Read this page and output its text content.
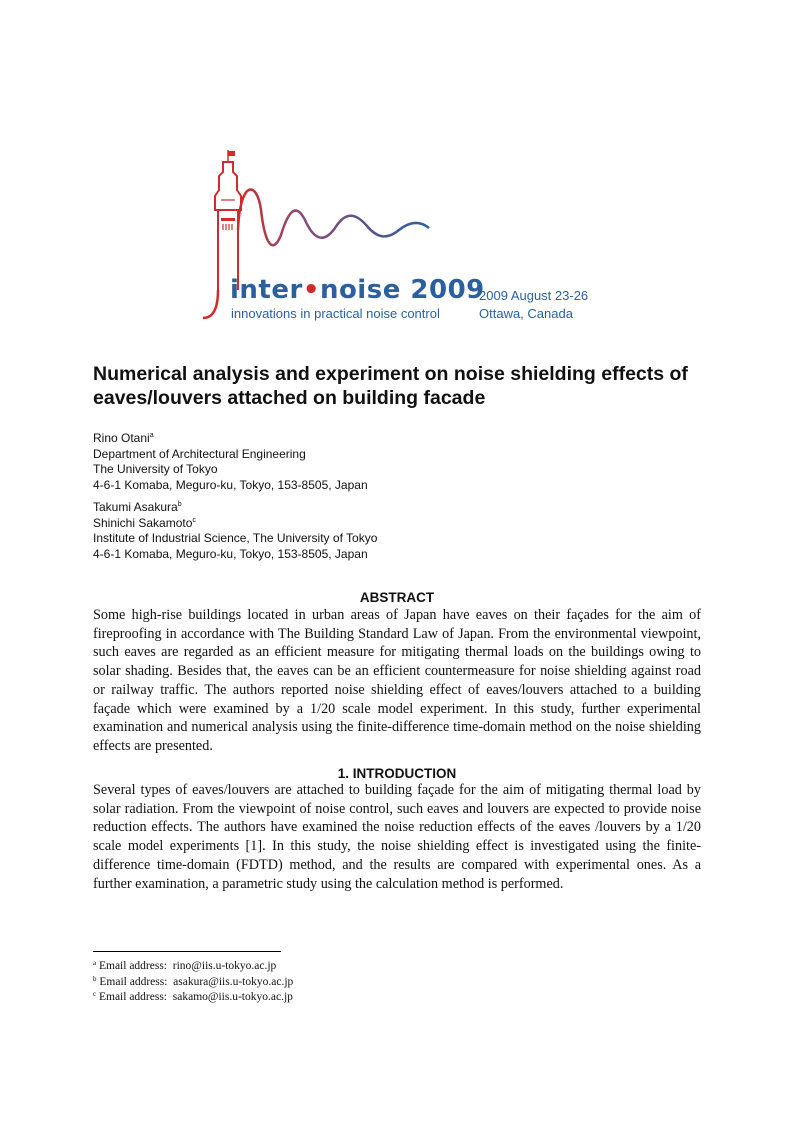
inter•noise 2009
innovations in practical noise control
2009 August 23-26
Ottawa, Canada
Numerical analysis and experiment on noise shielding effects of eaves/louvers attached on building facade
Rino Otani$^a$
Department of Architectural Engineering
The University of Tokyo
4-6-1 Komaba, Meguro-ku, Tokyo, 153-8505, Japan
Takumi Asakura$^b$
Shinichi Sakamoto$^c$
Institute of Industrial Science, The University of Tokyo
4-6-1 Komaba, Meguro-ku, Tokyo, 153-8505, Japan
ABSTRACT

Some high-rise buildings located in urban areas of Japan have eaves on their façades for the aim of fireproofing in accordance with The Building Standard Law of Japan. From the environmental viewpoint, such eaves are regarded as an efficient measure for mitigating thermal loads on the buildings owing to solar shading. Besides that, the eaves can be an efficient countermeasure for noise shielding against road or railway traffic. The authors reported noise shielding effect of eaves/louvers attached to a building façade which were examined by a 1/20 scale model experiment. In this study, further experimental examination and numerical analysis using the finite-difference time-domain method on the noise shielding effects are presented.

1. INTRODUCTION

Several types of eaves/louvers are attached to building façade for the aim of mitigating thermal load by solar radiation. From the viewpoint of noise control, such eaves and louvers are expected to provide noise reduction effects. The authors have examined the noise reduction effects of the eaves /louvers by a 1/20 scale model experiments [1]. In this study, the noise shielding effect is investigated using the finite-difference time-domain (FDTD) method, and the results are compared with experimental ones. As a further examination, a parametric study using the calculation method is performed.

$^a$ Email address: rino@iis.u-tokyo.ac.jp
$^b$ Email address: asakura@iis.u-tokyo.ac.jp
$^c$ Email address: sakamo@iis.u-tokyo.ac.jp
